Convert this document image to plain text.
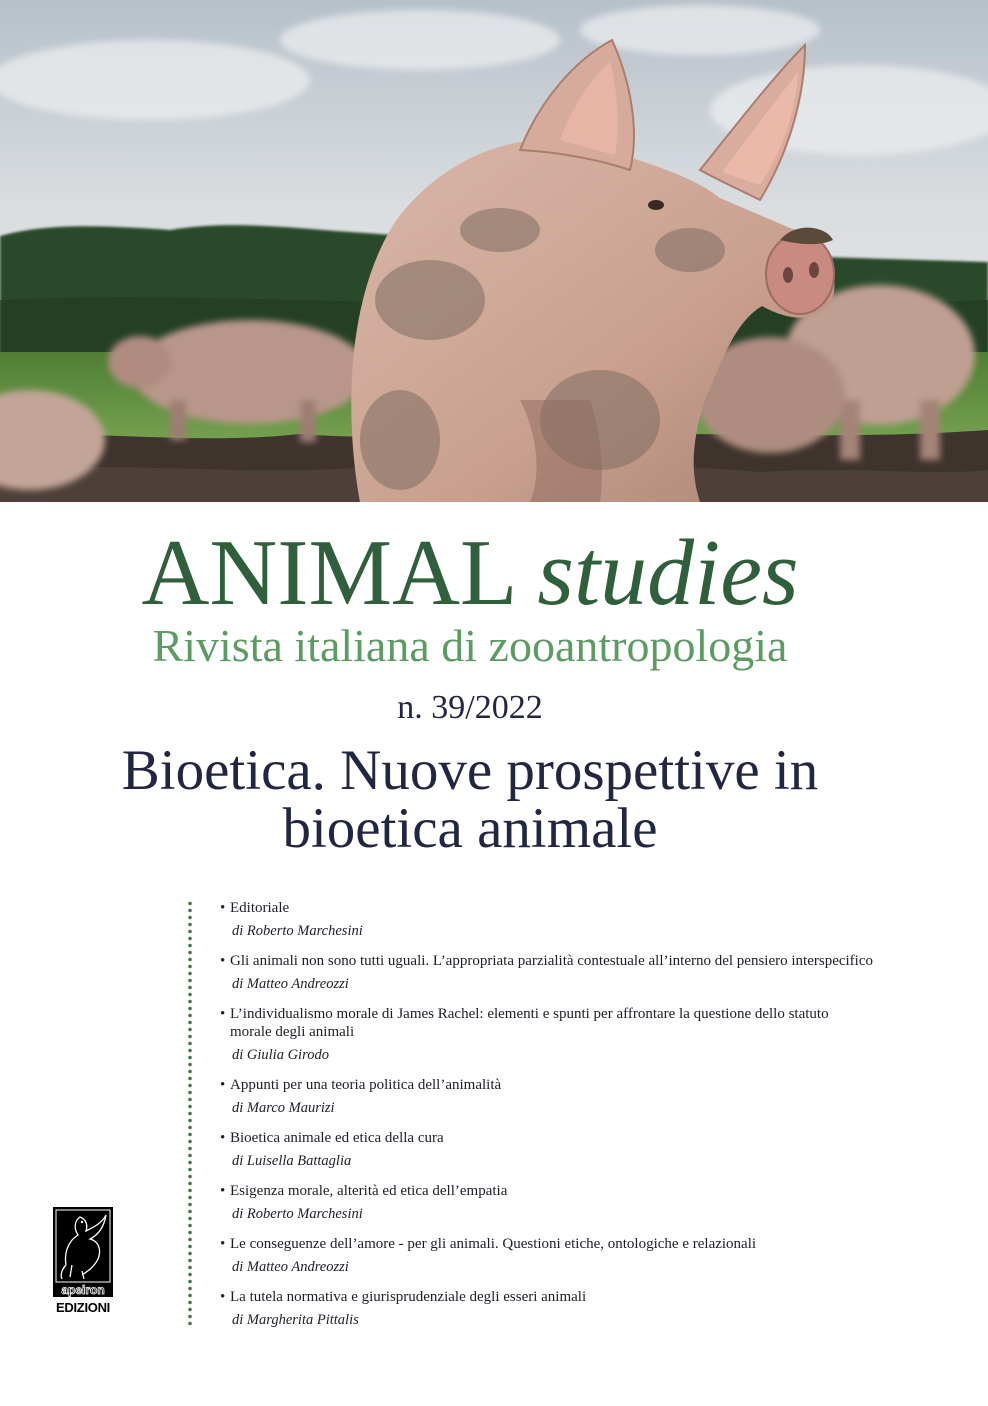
ANIMAL studies
Rivista italiana di zooantropologia
n. 39/2022
Bioetica. Nuove prospettive in
bioetica animale
• Editoriale
di Roberto Marchesini
• Gli animali non sono tutti uguali. L’appropriata parzialità contestuale all’interno del pensiero interspecifico
di Matteo Andreozzi
• L’individualismo morale di James Rachel: elementi e spunti per affrontare la questione dello statuto
morale degli animali
di Giulia Girodo
• Appunti per una teoria politica dell’animalità
di Marco Maurizi
• Bioetica animale ed etica della cura
di Luisella Battaglia
• Esigenza morale, alterità ed etica dell’empatia
di Roberto Marchesini
• Le conseguenze dell’amore - per gli animali. Questioni etiche, ontologiche e relazionali
di Matteo Andreozzi
• La tutela normativa e giurisprudenziale degli esseri animali
di Margherita Pittalis
apeiron
EDIZIONI
